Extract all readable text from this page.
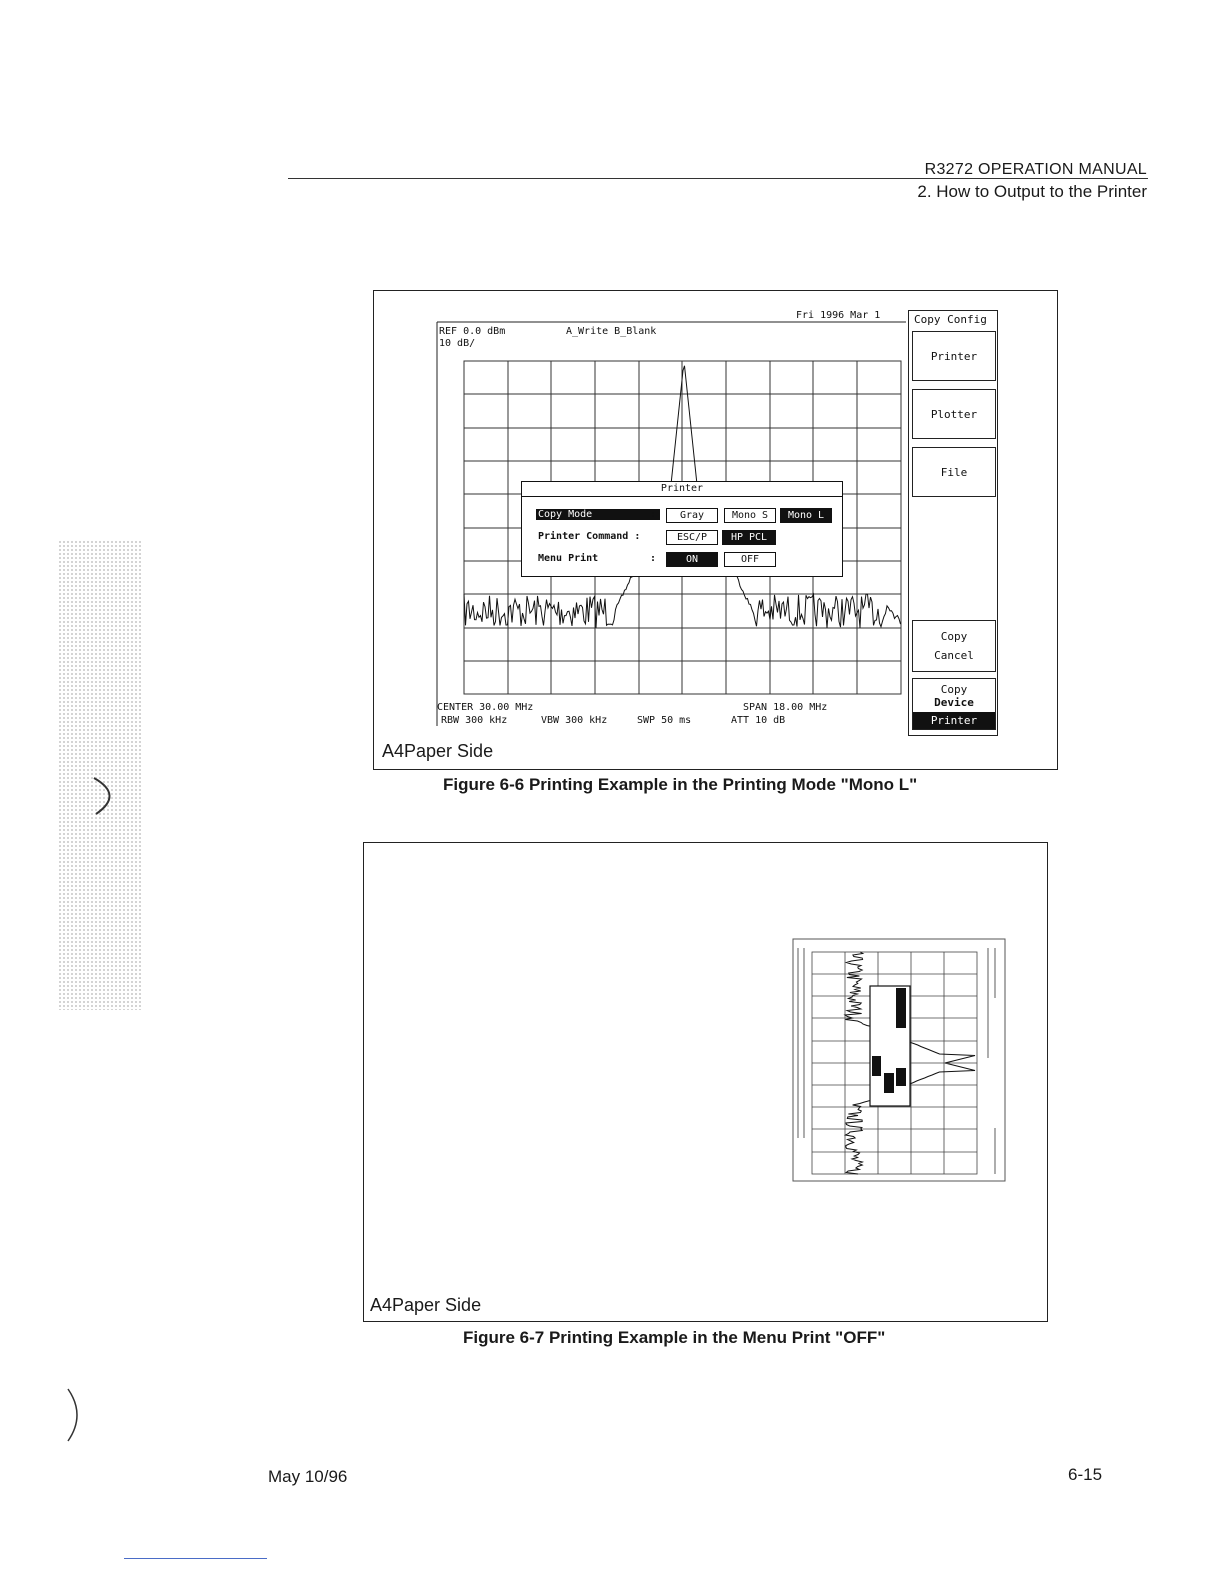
R3272 OPERATION MANUAL
2. How to Output to the Printer
Fri 1996 Mar 1
REF 0.0 dBm	A_Write B_Blank
10 dB/
CENTER 30.00 MHz	SPAN 18.00 MHz
RBW 300 kHz	VBW 300 kHz	SWP 50 ms	ATT 10 dB
Copy Config
Printer
Plotter
File
Copy
Cancel
Copy
Device
Printer
Printer
Copy Mode	:	Gray	Mono S	Mono L
Printer Command :	ESC/P	HP PCL
Menu Print	:	ON	OFF
A4Paper Side
Figure 6-6 Printing Example in the Printing Mode "Mono L"
A4Paper Side
Figure 6-7 Printing Example in the Menu Print "OFF"
May 10/96	6-15
